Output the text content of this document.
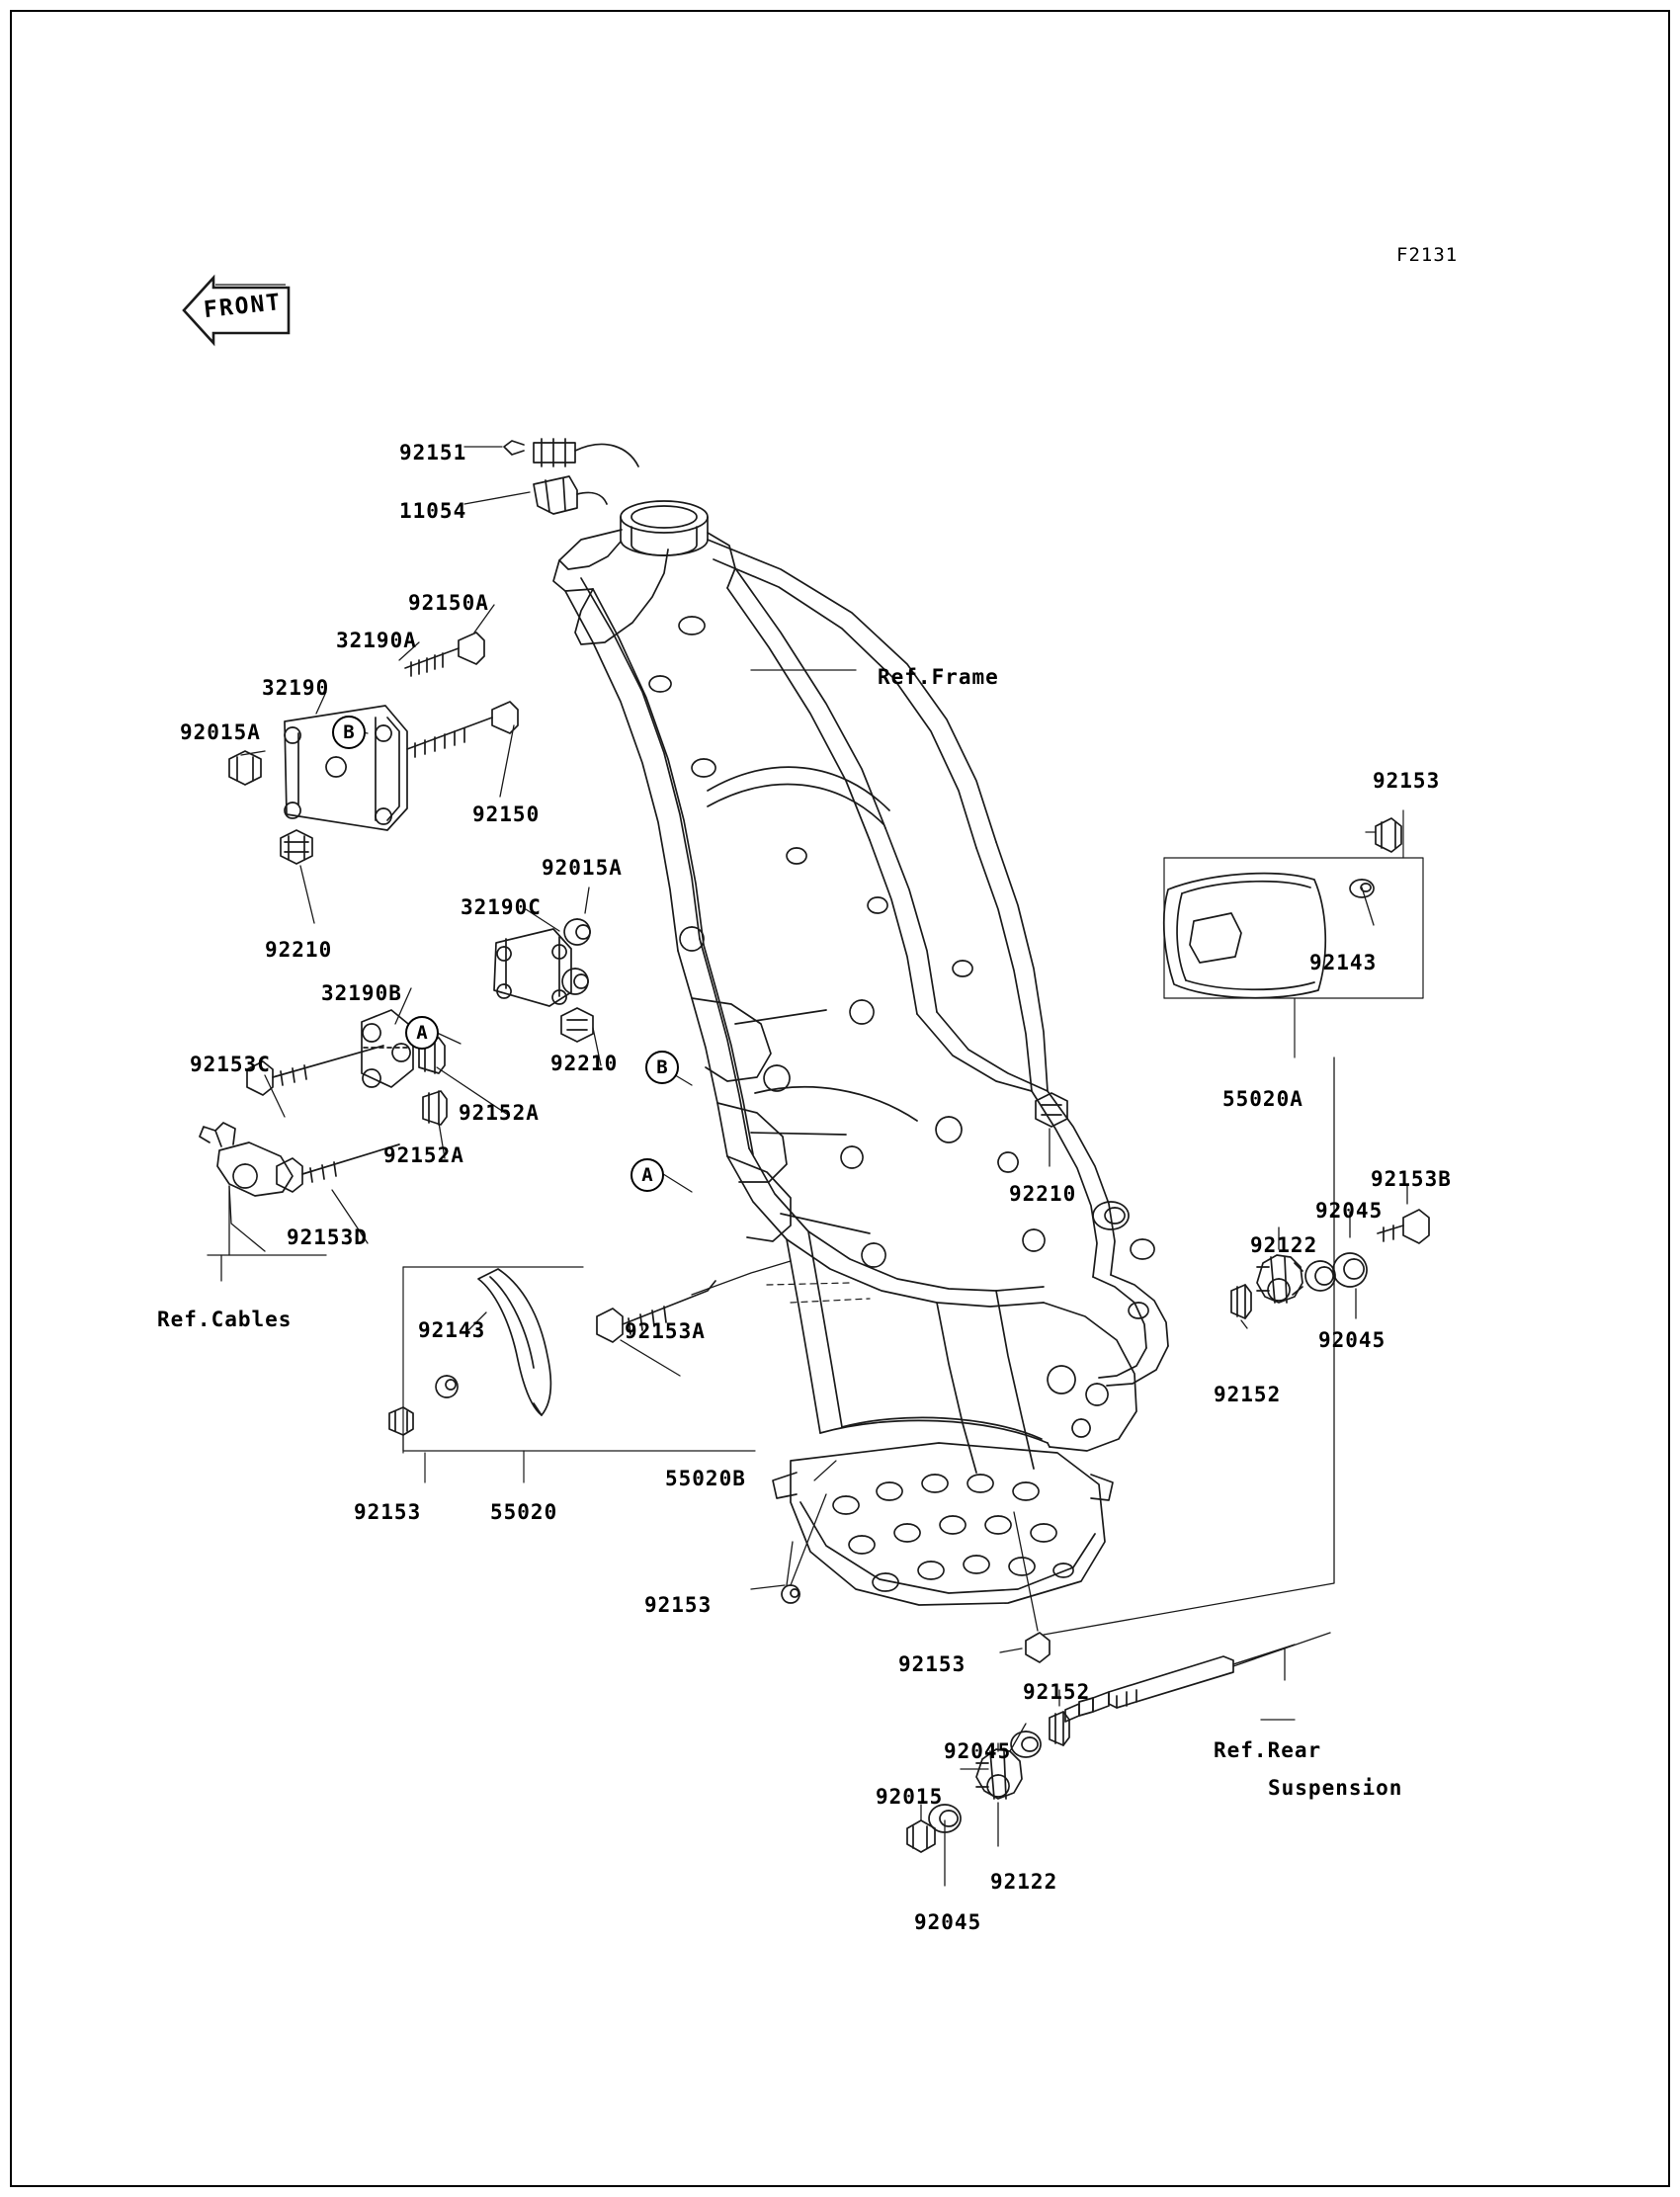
F2131
FRONT
92151
11054
92150A
32190A
32190
92015A
92150
92210
92015A
32190C
32190B
92153C	92210
92152A
92152A
92153D
Ref.Cables	92143	92153A
92153	55020
55020B
92153
92153
Ref.Frame
92153
92143
55020A
92210
92153B
92045
92122
92045
92152
92152
92045	Ref.Rear
Suspension
92015
92122
92045
B
A
B
A
